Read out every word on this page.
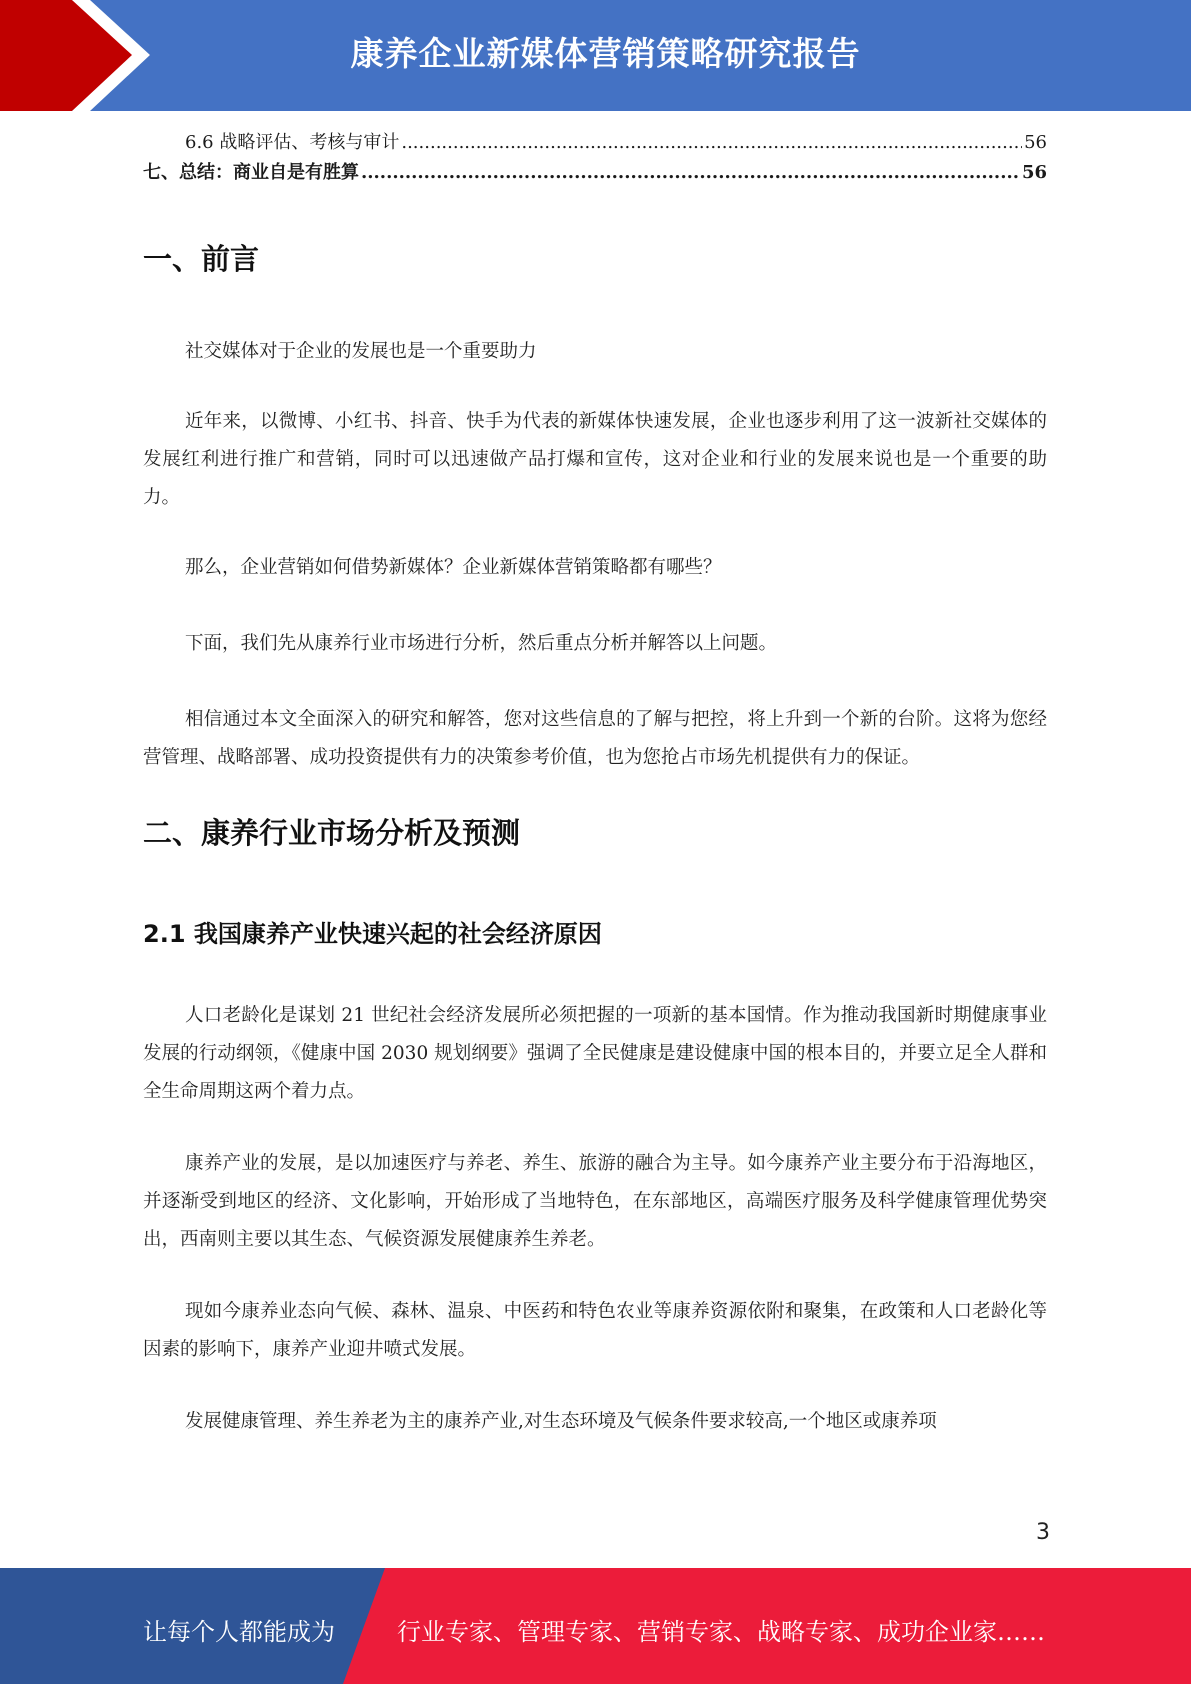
康养企业新媒体营销策略研究报告
6.6 战略评估、考核与审计 .....	56
七、总结：商业自是有胜算 .....	56
一、前言

社交媒体对于企业的发展也是一个重要助力

近年来，以微博、小红书、抖音、快手为代表的新媒体快速发展，企业也逐步利用了这一波新社交媒体的发展红利进行推广和营销，同时可以迅速做产品打爆和宣传，这对企业和行业的发展来说也是一个重要的助力。

那么，企业营销如何借势新媒体？企业新媒体营销策略都有哪些？

下面，我们先从康养行业市场进行分析，然后重点分析并解答以上问题。

相信通过本文全面深入的研究和解答，您对这些信息的了解与把控，将上升到一个新的台阶。这将为您经营管理、战略部署、成功投资提供有力的决策参考价值，也为您抢占市场先机提供有力的保证。

二、康养行业市场分析及预测
2.1 我国康养产业快速兴起的社会经济原因

人口老龄化是谋划 21 世纪社会经济发展所必须把握的一项新的基本国情。作为推动我国新时期健康事业发展的行动纲领，《健康中国 2030 规划纲要》强调了全民健康是建设健康中国的根本目的，并要立足全人群和全生命周期这两个着力点。

康养产业的发展，是以加速医疗与养老、养生、旅游的融合为主导。如今康养产业主要分布于沿海地区，并逐渐受到地区的经济、文化影响，开始形成了当地特色，在东部地区，高端医疗服务及科学健康管理优势突出，西南则主要以其生态、气候资源发展健康养生养老。

现如今康养业态向气候、森林、温泉、中医药和特色农业等康养资源依附和聚集，在政策和人口老龄化等因素的影响下，康养产业迎井喷式发展。

发展健康管理、养生养老为主的康养产业,对生态环境及气候条件要求较高,一个地区或康养项

3
让每个人都能成为	行业专家、管理专家、营销专家、战略专家、成功企业家……
